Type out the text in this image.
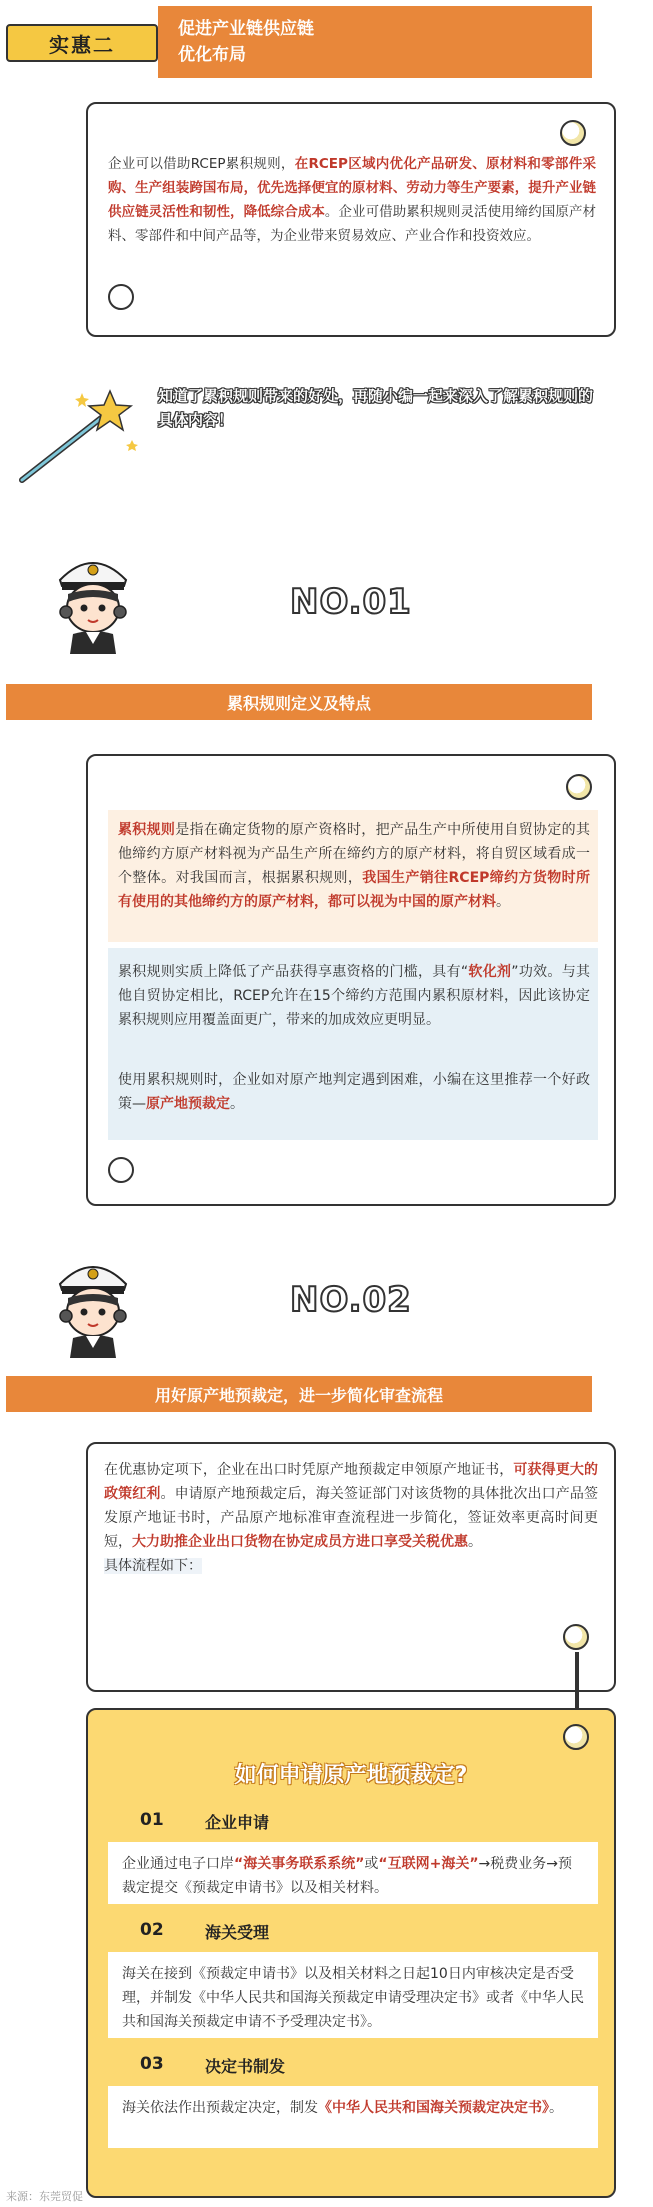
促进产业链供应链
优化布局
实惠二
企业可以借助RCEP累积规则，在RCEP区域内优化产品研发、原材料和零部件采购、生产组装跨国布局，优先选择便宜的原材料、劳动力等生产要素，提升产业链供应链灵活性和韧性，降低综合成本。企业可借助累积规则灵活使用缔约国原产材料、零部件和中间产品等，为企业带来贸易效应、产业合作和投资效应。
知道了累积规则带来的好处，再随小编一起来深入了解累积规则的具体内容！
NO.01
累积规则定义及特点
累积规则是指在确定货物的原产资格时，把产品生产中所使用自贸协定的其他缔约方原产材料视为产品生产所在缔约方的原产材料，将自贸区域看成一个整体。对我国而言，根据累积规则，我国生产销往RCEP缔约方货物时所有使用的其他缔约方的原产材料，都可以视为中国的原产材料。
累积规则实质上降低了产品获得享惠资格的门槛，具有“软化剂”功效。与其他自贸协定相比，RCEP允许在15个缔约方范围内累积原材料，因此该协定累积规则应用覆盖面更广，带来的加成效应更明显。
使用累积规则时，企业如对原产地判定遇到困难，小编在这里推荐一个好政策—原产地预裁定。
NO.02
用好原产地预裁定，进一步简化审查流程
在优惠协定项下，企业在出口时凭原产地预裁定申领原产地证书，可获得更大的政策红利。申请原产地预裁定后，海关签证部门对该货物的具体批次出口产品签发原产地证书时，产品原产地标准审查流程进一步简化，签证效率更高时间更短，大力助推企业出口货物在协定成员方进口享受关税优惠。
具体流程如下：
如何申请原产地预裁定?
01	企业申请
企业通过电子口岸“海关事务联系系统”或“互联网+海关”→税费业务→预裁定提交《预裁定申请书》以及相关材料。
02	海关受理
海关在接到《预裁定申请书》以及相关材料之日起10日内审核决定是否受理，并制发《中华人民共和国海关预裁定申请受理决定书》或者《中华人民共和国海关预裁定申请不予受理决定书》。
03	决定书制发
海关依法作出预裁定决定，制发《中华人民共和国海关预裁定决定书》。
来源：东莞贸促
